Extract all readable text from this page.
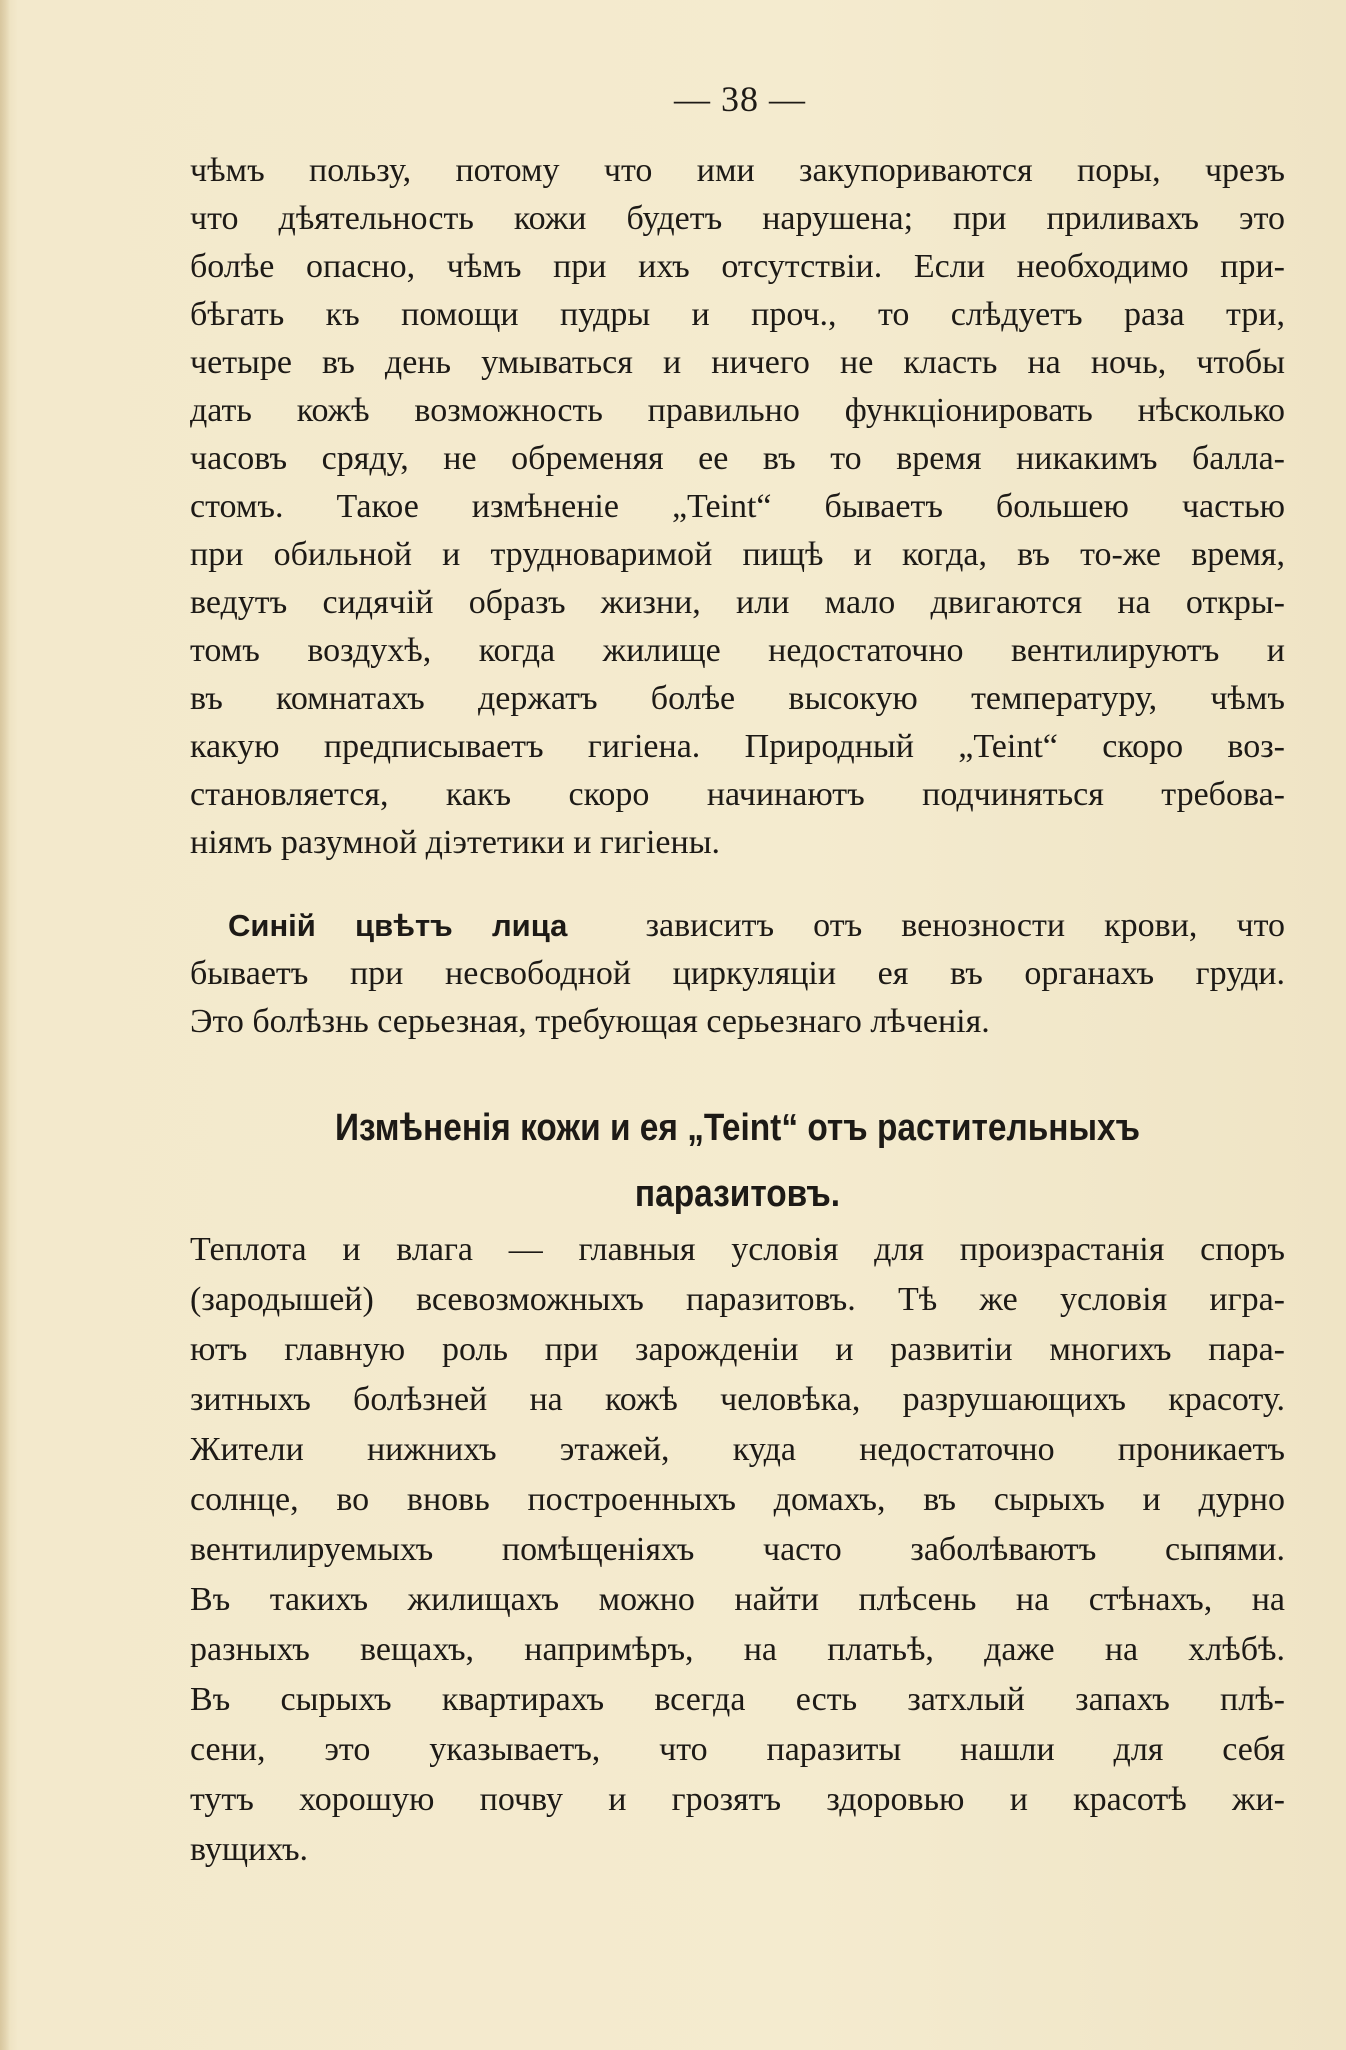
— 38 —
чѣмъ пользу, потому что ими закупориваются поры, чрезъ
что дѣятельность кожи будетъ нарушена; при приливахъ это
болѣе опасно, чѣмъ при ихъ отсутствіи. Если необходимо при-
бѣгать къ помощи пудры и проч., то слѣдуетъ раза три,
четыре въ день умываться и ничего не класть на ночь, чтобы
дать кожѣ возможность правильно функціонировать нѣсколько
часовъ сряду, не обременяя ее въ то время никакимъ балла-
стомъ. Такое измѣненіе „Teint“ бываетъ большею частью
при обильной и трудноваримой пищѣ и когда, въ то-же время,
ведутъ сидячій образъ жизни, или мало двигаются на откры-
томъ воздухѣ, когда жилище недостаточно вентилируютъ и
въ комнатахъ держатъ болѣе высокую температуру, чѣмъ
какую предписываетъ гигіена. Природный „Teint“ скоро воз-
становляется, какъ скоро начинаютъ подчиняться требова-
ніямъ разумной діэтетики и гигіены.
Синій цвѣтъ лица зависитъ отъ венозности крови, что
бываетъ при несвободной циркуляціи ея въ органахъ груди.
Это болѣзнь серьезная, требующая серьезнаго лѣченія.
Измѣненія кожи и ея „Teint“ отъ растительныхъ
паразитовъ.
Теплота и влага — главныя условія для произрастанія споръ
(зародышей) всевозможныхъ паразитовъ. Тѣ же условія игра-
ютъ главную роль при зарожденіи и развитіи многихъ пара-
зитныхъ болѣзней на кожѣ человѣка, разрушающихъ красоту.
Жители нижнихъ этажей, куда недостаточно проникаетъ
солнце, во вновь построенныхъ домахъ, въ сырыхъ и дурно
вентилируемыхъ помѣщеніяхъ часто заболѣваютъ сыпями.
Въ такихъ жилищахъ можно найти плѣсень на стѣнахъ, на
разныхъ вещахъ, напримѣръ, на платьѣ, даже на хлѣбѣ.
Въ сырыхъ квартирахъ всегда есть затхлый запахъ плѣ-
сени, это указываетъ, что паразиты нашли для себя
тутъ хорошую почву и грозятъ здоровью и красотѣ жи-
вущихъ.
